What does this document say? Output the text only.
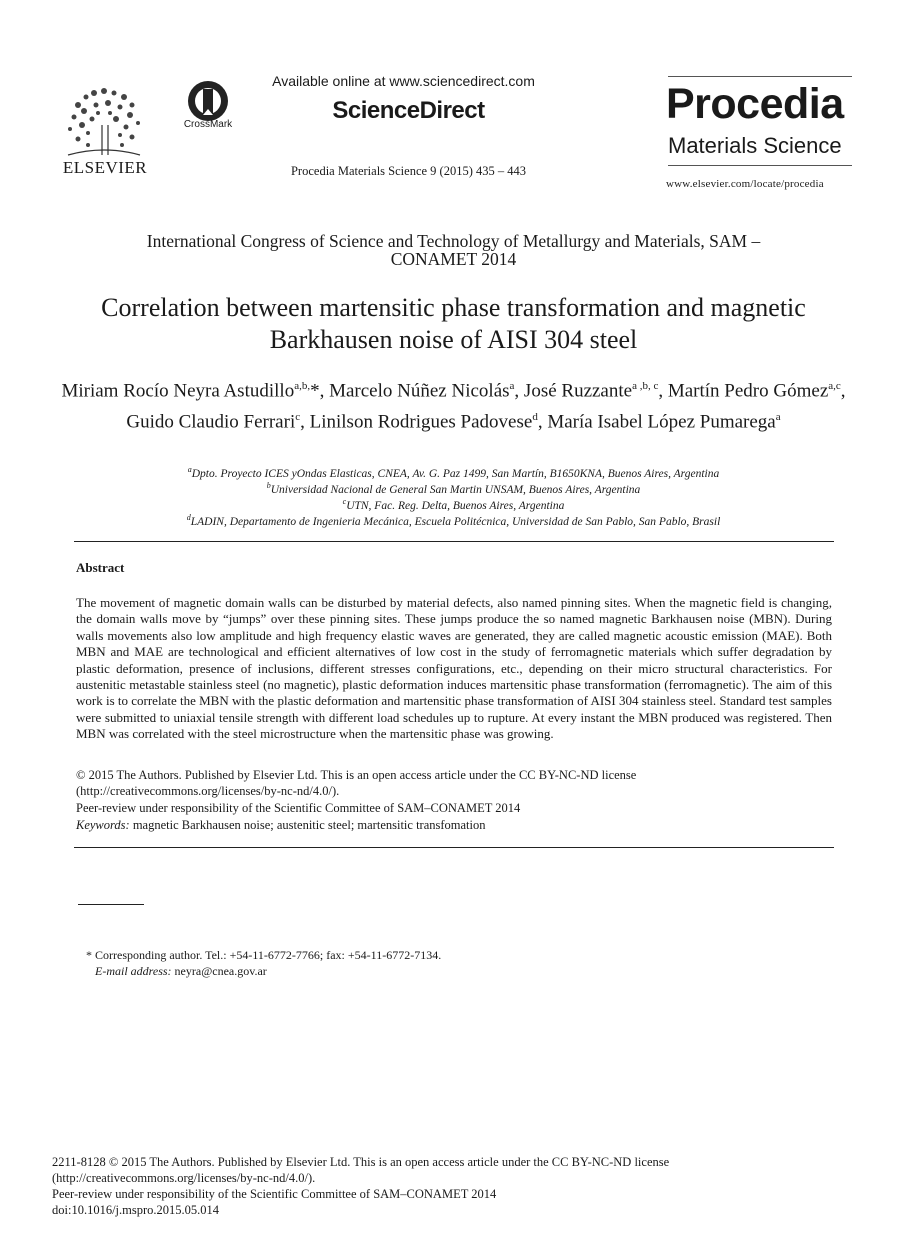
ELSEVIER
CrossMark
Available online at www.sciencedirect.com
ScienceDirect
Procedia Materials Science 9 (2015) 435 – 443
Procedia
Materials Science
www.elsevier.com/locate/procedia
International Congress of Science and Technology of Metallurgy and Materials, SAM –
CONAMET 2014
Correlation between martensitic phase transformation and magnetic
Barkhausen noise of AISI 304 steel
Miriam Rocío Neyra Astudillo$^{a,b,}$*, Marcelo Núñez Nicolás$^a$, José Ruzzante$^{a ,b, c}$, Martín Pedro Gómez$^{a,c}$, Guido Claudio Ferrari$^c$, Linilson Rodrigues Padovese$^d$, María Isabel López Pumarega$^a$
$^a$Dpto. Proyecto ICES yOndas Elasticas, CNEA, Av. G. Paz 1499, San Martín, B1650KNA, Buenos Aires, Argentina
$^b$Universidad Nacional de General San Martin UNSAM, Buenos Aires, Argentina
$^c$UTN, Fac. Reg. Delta, Buenos Aires, Argentina
$^d$LADIN, Departamento de Ingenieria Mecánica, Escuela Politécnica, Universidad de San Pablo, San Pablo, Brasil
Abstract
The movement of magnetic domain walls can be disturbed by material defects, also named pinning sites. When the magnetic field is changing, the domain walls move by “jumps” over these pinning sites. These jumps produce the so named magnetic Barkhausen noise (MBN). During walls movements also low amplitude and high frequency elastic waves are generated, they are called magnetic acoustic emission (MAE). Both MBN and MAE are technological and efficient alternatives of low cost in the study of ferromagnetic materials which suffer degradation by plastic deformation, presence of inclusions, different stresses configurations, etc., depending on their micro structural characteristics. For austenitic metastable stainless steel (no magnetic), plastic deformation induces martensitic phase transformation (ferromagnetic). The aim of this work is to correlate the MBN with the plastic deformation and martensitic phase transformation of AISI 304 stainless steel. Standard test samples were submitted to uniaxial tensile strength with different load schedules up to rupture. At every instant the MBN produced was registered. Then MBN was correlated with the steel microstructure when the martensitic phase was growing.
© 2015 The Authors. Published by Elsevier Ltd. This is an open access article under the CC BY-NC-ND license
(http://creativecommons.org/licenses/by-nc-nd/4.0/).
Peer-review under responsibility of the Scientific Committee of SAM–CONAMET 2014
Keywords: magnetic Barkhausen noise; austenitic steel; martensitic transfomation
* Corresponding author. Tel.: +54-11-6772-7766; fax: +54-11-6772-7134.
E-mail address: neyra@cnea.gov.ar
2211-8128 © 2015 The Authors. Published by Elsevier Ltd. This is an open access article under the CC BY-NC-ND license
(http://creativecommons.org/licenses/by-nc-nd/4.0/).
Peer-review under responsibility of the Scientific Committee of SAM–CONAMET 2014
doi:10.1016/j.mspro.2015.05.014
